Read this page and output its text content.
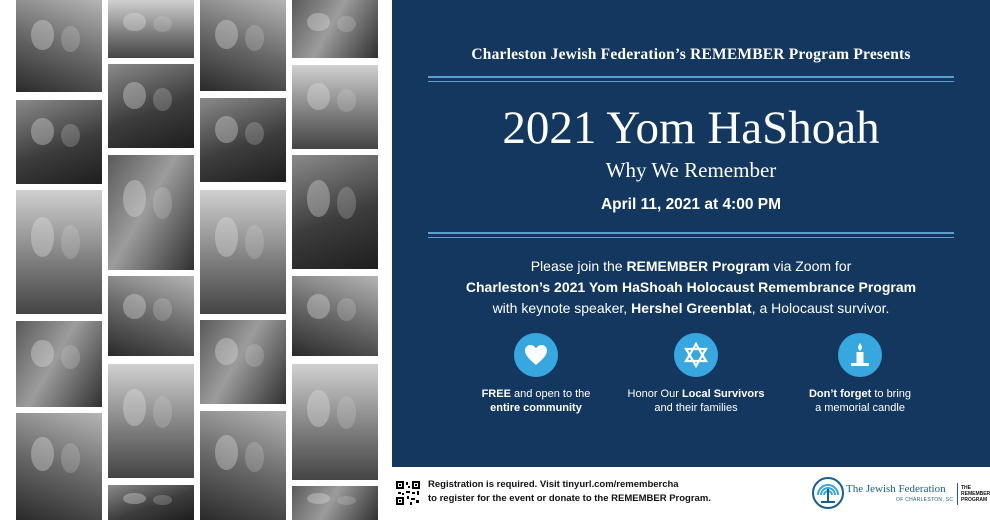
Charleston Jewish Federation’s REMEMBER Program Presents
2021 Yom HaShoah
Why We Remember
April 11, 2021 at 4:00 PM

Please join the REMEMBER Program via Zoom for

Charleston’s 2021 Yom HaShoah Holocaust Remembrance Program

with keynote speaker, Hershel Greenblat, a Holocaust survivor.

FREE and open to the
entire community
Honor Our Local Survivors
and their families
Don’t forget to bring
a memorial candle
Registration is required. Visit tinyurl.com/remembercha
to register for the event or donate to the REMEMBER Program.
The Jewish Federation
OF CHARLESTON, SC
THE
REMEMBER
PROGRAM
